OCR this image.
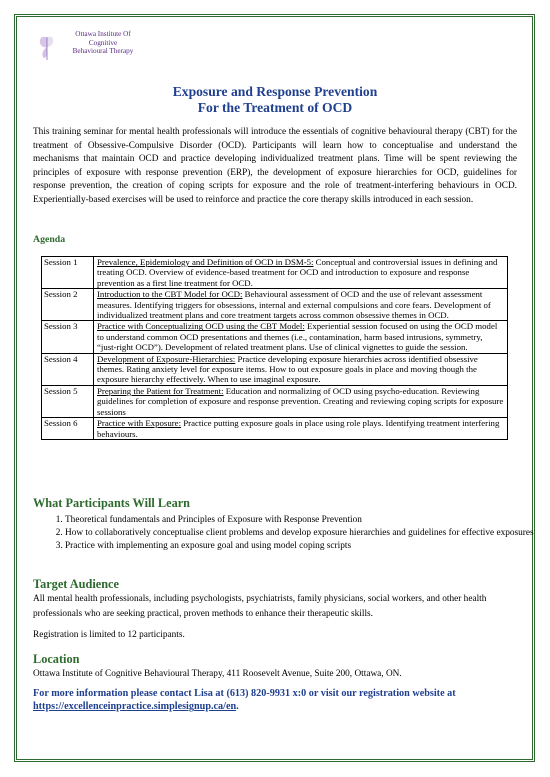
Ottawa Institute Of
Cognitive
Behavioural Therapy
Exposure and Response Prevention
For the Treatment of OCD

This training seminar for mental health professionals will introduce the essentials of cognitive behavioural therapy (CBT) for the treatment of Obsessive-Compulsive Disorder (OCD). Participants will learn how to conceptualise and understand the mechanisms that maintain OCD and practice developing individualized treatment plans. Time will be spent reviewing the principles of exposure with response prevention (ERP), the development of exposure hierarchies for OCD, guidelines for response prevention, the creation of coping scripts for exposure and the role of treatment-interfering behaviours in OCD. Experientially-based exercises will be used to reinforce and practice the core therapy skills introduced in each session.

Agenda
Session 1	Prevalence, Epidemiology and Definition of OCD in DSM-5: Conceptual and controversial issues in defining and treating OCD. Overview of evidence-based treatment for OCD and introduction to exposure and response prevention as a first line treatment for OCD.
Session 2	Introduction to the CBT Model for OCD: Behavioural assessment of OCD and the use of relevant assessment measures. Identifying triggers for obsessions, internal and external compulsions and core fears. Development of individualized treatment plans and core treatment targets across common obsessive themes in OCD.
Session 3	Practice with Conceptualizing OCD using the CBT Model: Experiential session focused on using the OCD model to understand common OCD presentations and themes (i.e., contamination, harm based intrusions, symmetry, “just-right OCD”). Development of related treatment plans. Use of clinical vignettes to guide the session.
Session 4	Development of Exposure-Hierarchies: Practice developing exposure hierarchies across identified obsessive themes. Rating anxiety level for exposure items. How to out exposure goals in place and moving though the exposure hierarchy effectively. When to use imaginal exposure.
Session 5	Preparing the Patient for Treatment: Education and normalizing of OCD using psycho-education. Reviewing guidelines for completion of exposure and response prevention. Creating and reviewing coping scripts for exposure sessions
Session 6	Practice with Exposure: Practice putting exposure goals in place using role plays. Identifying treatment interfering behaviours.
What Participants Will Learn
1. Theoretical fundamentals and Principles of Exposure with Response Prevention
2. How to collaboratively conceptualise client problems and develop exposure hierarchies and guidelines for effective exposures
3. Practice with implementing an exposure goal and using model coping scripts
Target Audience

All mental health professionals, including psychologists, psychiatrists, family physicians, social workers, and other health professionals who are seeking practical, proven methods to enhance their therapeutic skills.

Registration is limited to 12 participants.

Location

Ottawa Institute of Cognitive Behavioural Therapy, 411 Roosevelt Avenue, Suite 200, Ottawa, ON.

For more information please contact Lisa at (613) 820-9931 x:0 or visit our registration website at https://excellenceinpractice.simplesignup.ca/en.
